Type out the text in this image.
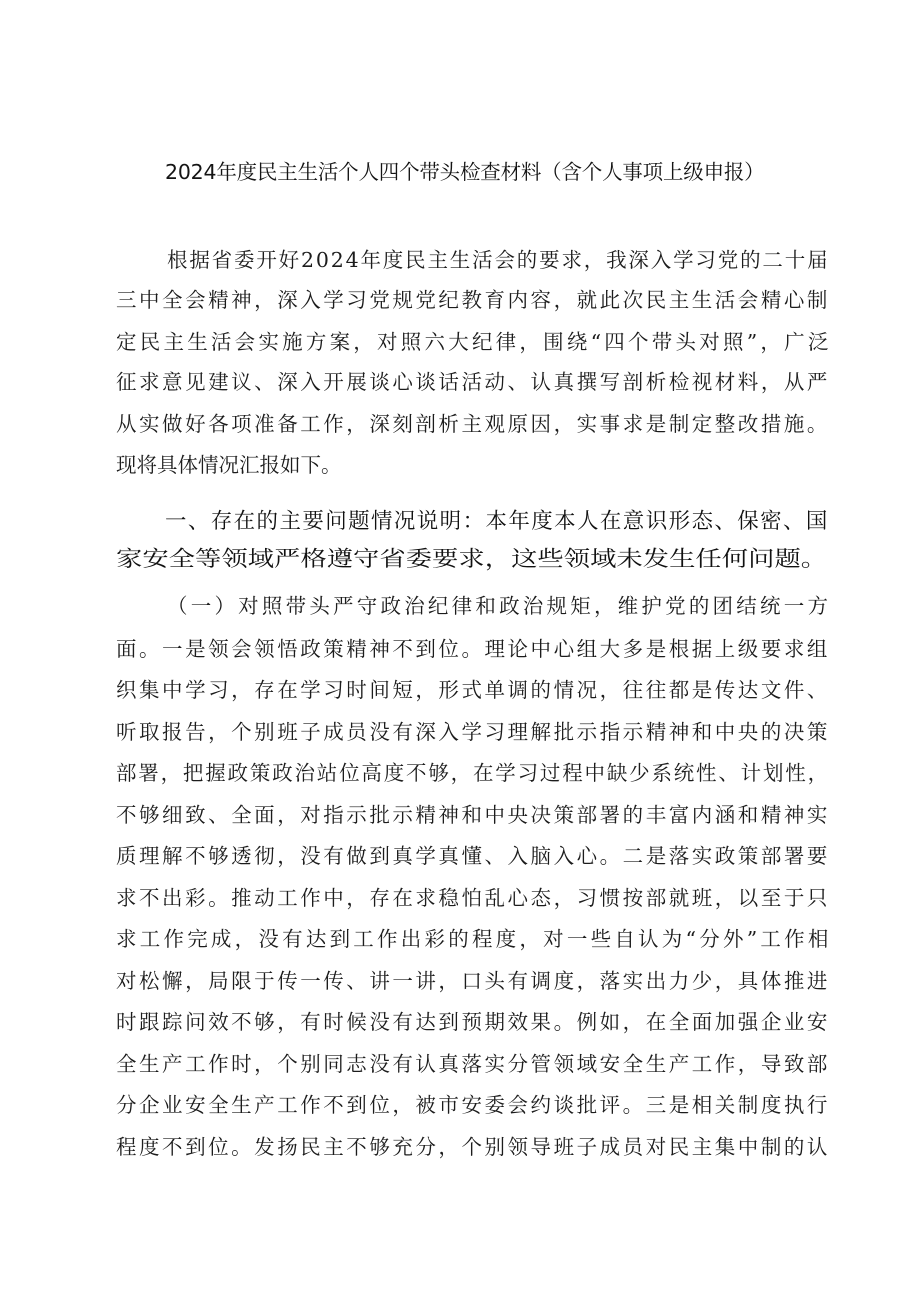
2024年度民主生活个人四个带头检查材料（含个人事项上级申报）
根据省委开好2024年度民主生活会的要求，我深入学习党的二十届
三中全会精神，深入学习党规党纪教育内容，就此次民主生活会精心制
定民主生活会实施方案，对照六大纪律，围绕“四个带头对照”，广泛
征求意见建议、深入开展谈心谈话活动、认真撰写剖析检视材料，从严
从实做好各项准备工作，深刻剖析主观原因，实事求是制定整改措施。
现将具体情况汇报如下。
一、存在的主要问题情况说明：本年度本人在意识形态、保密、国
家安全等领域严格遵守省委要求，这些领域未发生任何问题。
（一）对照带头严守政治纪律和政治规矩，维护党的团结统一方
面。一是领会领悟政策精神不到位。理论中心组大多是根据上级要求组
织集中学习，存在学习时间短，形式单调的情况，往往都是传达文件、
听取报告，个别班子成员没有深入学习理解批示指示精神和中央的决策
部署，把握政策政治站位高度不够，在学习过程中缺少系统性、计划性，
不够细致、全面，对指示批示精神和中央决策部署的丰富内涵和精神实
质理解不够透彻，没有做到真学真懂、入脑入心。二是落实政策部署要
求不出彩。推动工作中，存在求稳怕乱心态，习惯按部就班，以至于只
求工作完成，没有达到工作出彩的程度，对一些自认为“分外”工作相
对松懈，局限于传一传、讲一讲，口头有调度，落实出力少，具体推进
时跟踪问效不够，有时候没有达到预期效果。例如，在全面加强企业安
全生产工作时，个别同志没有认真落实分管领域安全生产工作，导致部
分企业安全生产工作不到位，被市安委会约谈批评。三是相关制度执行
程度不到位。发扬民主不够充分，个别领导班子成员对民主集中制的认
